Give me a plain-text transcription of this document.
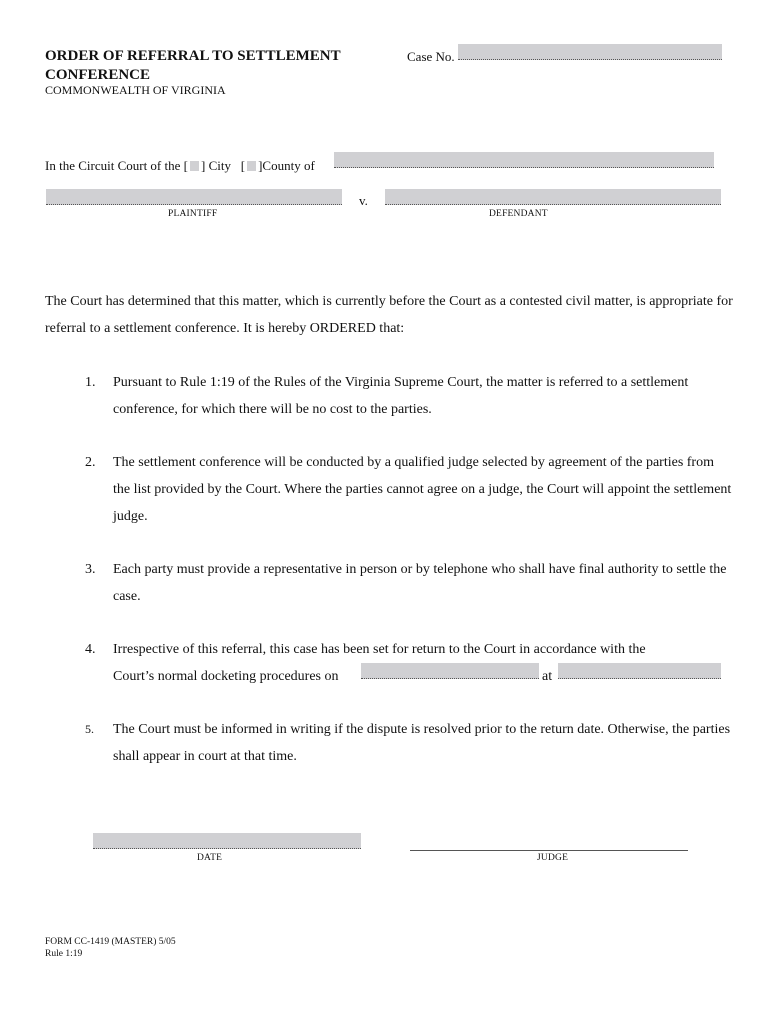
ORDER OF REFERRAL TO SETTLEMENT
CONFERENCE
COMMONWEALTH OF VIRGINIA
Case No.
In the Circuit Court of the [ ] City [ ]County of
v.
PLAINTIFF	DEFENDANT
The Court has determined that this matter, which is currently before the Court as a contested civil matter, is appropriate for referral to a settlement conference. It is hereby ORDERED that:
1. Pursuant to Rule 1:19 of the Rules of the Virginia Supreme Court, the matter is referred to a settlement conference, for which there will be no cost to the parties.
2. The settlement conference will be conducted by a qualified judge selected by agreement of the parties from the list provided by the Court. Where the parties cannot agree on a judge, the Court will appoint the settlement judge.
3. Each party must provide a representative in person or by telephone who shall have final authority to settle the case.
4. Irrespective of this referral, this case has been set for return to the Court in accordance with the
Court’s normal docketing procedures on	at
5. The Court must be informed in writing if the dispute is resolved prior to the return date. Otherwise, the parties shall appear in court at that time.
DATE	JUDGE
FORM CC-1419 (MASTER) 5/05
Rule 1:19
